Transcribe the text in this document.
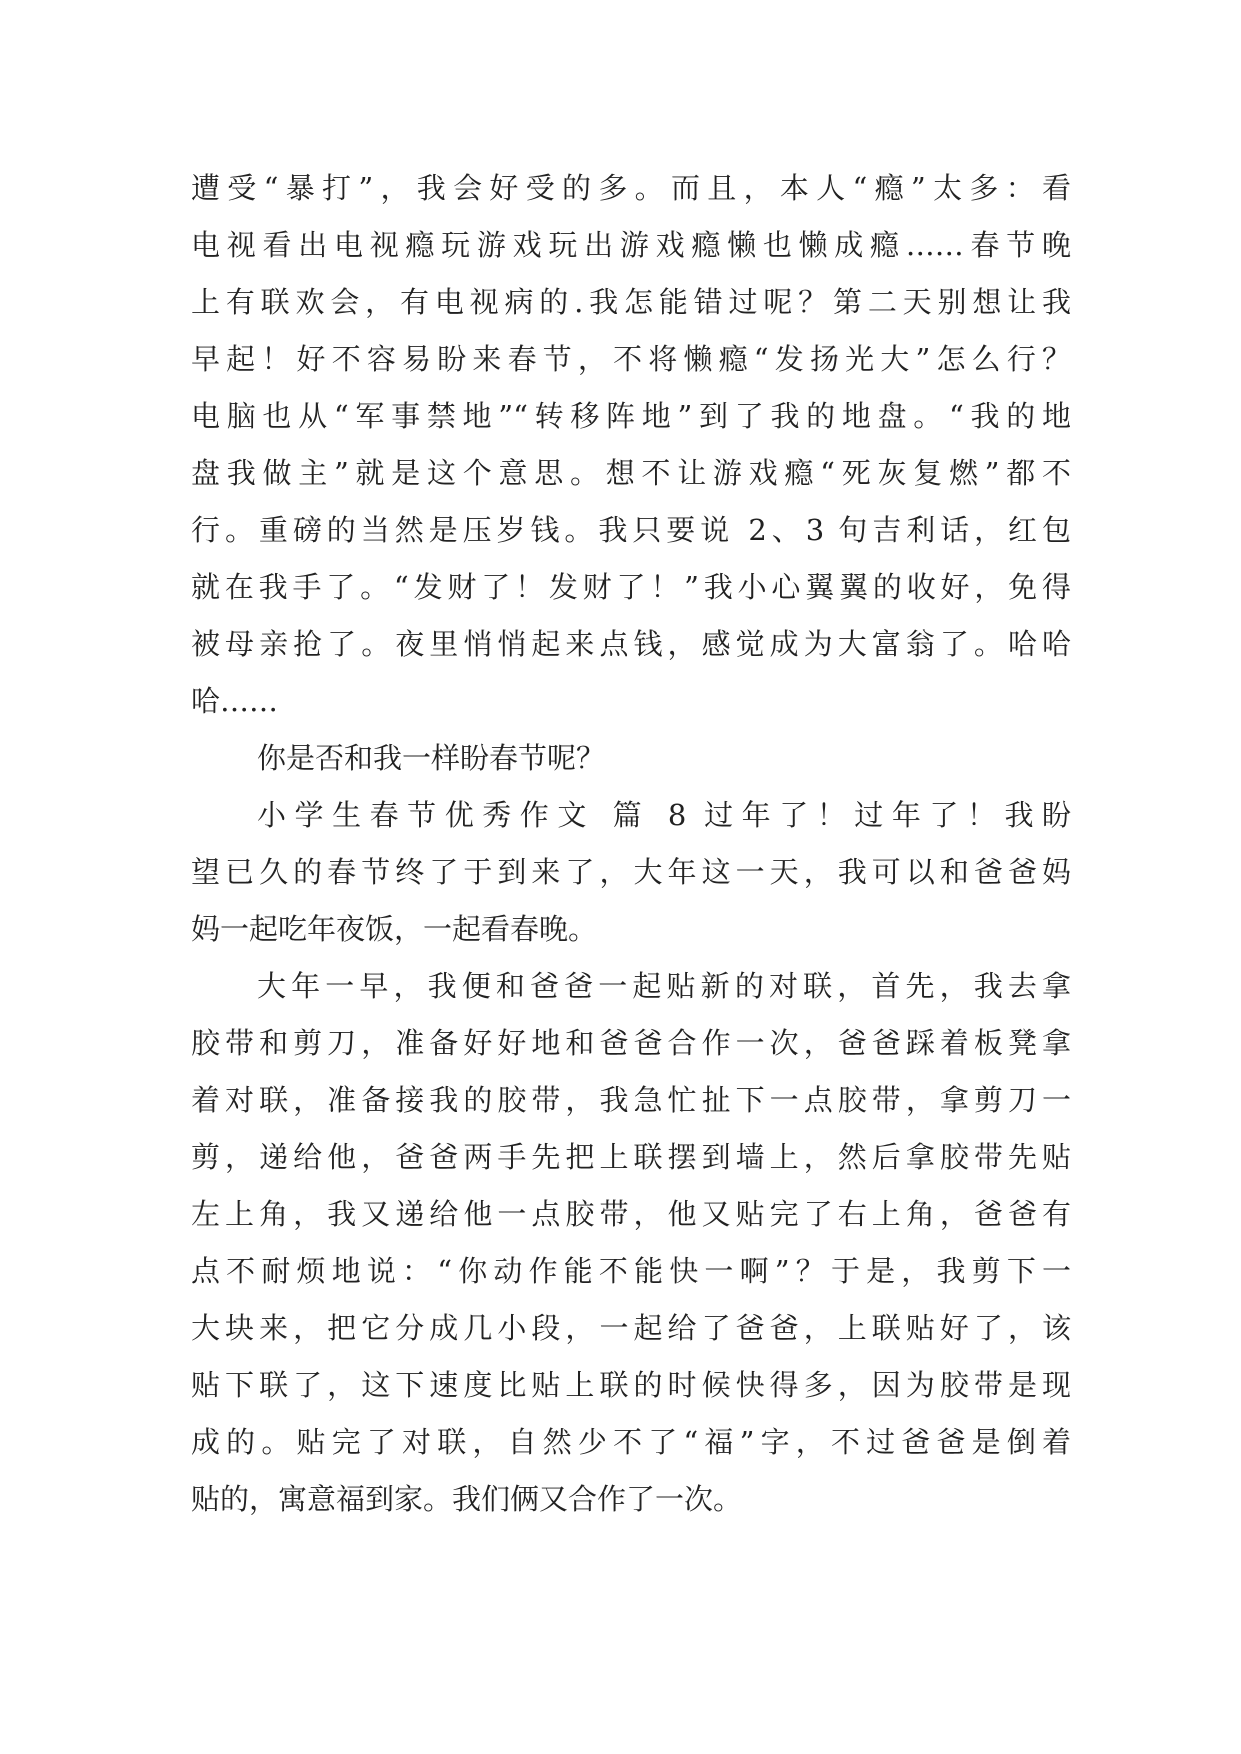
遭受“暴打”，我会好受的多。而且，本人“瘾”太多：看
电视看出电视瘾玩游戏玩出游戏瘾懒也懒成瘾……春节晚
上有联欢会，有电视病的.我怎能错过呢？第二天别想让我
早起！好不容易盼来春节，不将懒瘾“发扬光大”怎么行？
电脑也从“军事禁地”“转移阵地”到了我的地盘。“我的地
盘我做主”就是这个意思。想不让游戏瘾“死灰复燃”都不
行。重磅的当然是压岁钱。我只要说 2、3 句吉利话，红包
就在我手了。“发财了！发财了！”我小心翼翼的收好，免得
被母亲抢了。夜里悄悄起来点钱，感觉成为大富翁了。哈哈
哈……
你是否和我一样盼春节呢？
小学生春节优秀作文 篇 8 过年了！过年了！我盼
望已久的春节终了于到来了，大年这一天，我可以和爸爸妈
妈一起吃年夜饭，一起看春晚。
大年一早，我便和爸爸一起贴新的对联，首先，我去拿
胶带和剪刀，准备好好地和爸爸合作一次，爸爸踩着板凳拿
着对联，准备接我的胶带，我急忙扯下一点胶带，拿剪刀一
剪，递给他，爸爸两手先把上联摆到墙上，然后拿胶带先贴
左上角，我又递给他一点胶带，他又贴完了右上角，爸爸有
点不耐烦地说：“你动作能不能快一啊”？于是，我剪下一
大块来，把它分成几小段，一起给了爸爸，上联贴好了，该
贴下联了，这下速度比贴上联的时候快得多，因为胶带是现
成的。贴完了对联，自然少不了“福”字，不过爸爸是倒着
贴的，寓意福到家。我们俩又合作了一次。
